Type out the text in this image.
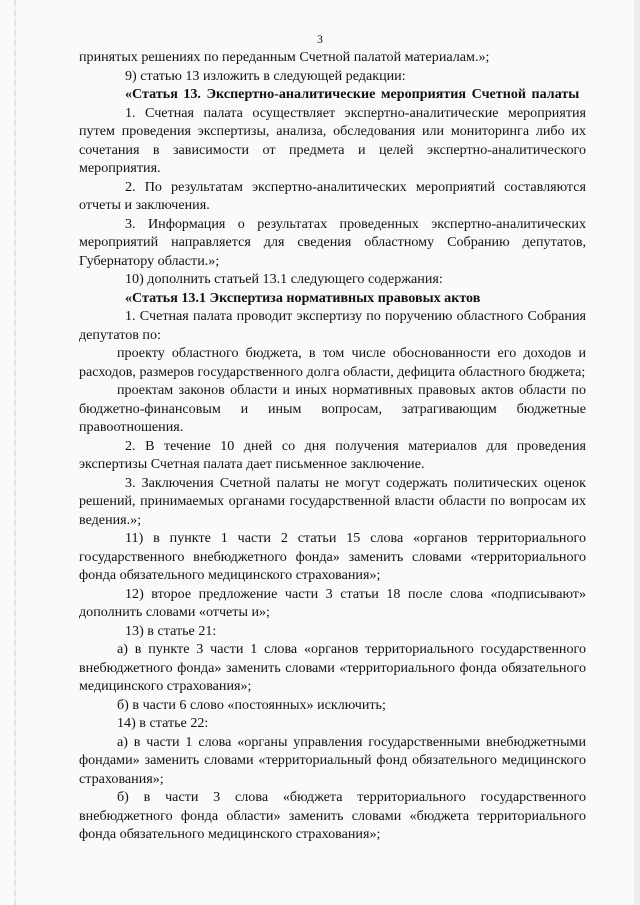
3

принятых решениях по переданным Счетной палатой материалам.»;

9) статью 13 изложить в следующей редакции:

«Статья 13. Экспертно-аналитические мероприятия Счетной палаты

1. Счетная палата осуществляет экспертно-аналитические мероприятия путем проведения экспертизы, анализа, обследования или мониторинга либо их сочетания в зависимости от предмета и целей экспертно-аналитического мероприятия.

2. По результатам экспертно-аналитических мероприятий составляются отчеты и заключения.

3. Информация о результатах проведенных экспертно-аналитических мероприятий направляется для сведения областному Собранию депутатов, Губернатору области.»;

10) дополнить статьей 13.1 следующего содержания:

«Статья 13.1 Экспертиза нормативных правовых актов

1. Счетная палата проводит экспертизу по поручению областного Собрания депутатов по:

проекту областного бюджета, в том числе обоснованности его доходов и расходов, размеров государственного долга области, дефицита областного бюджета;

проектам законов области и иных нормативных правовых актов области по бюджетно-финансовым и иным вопросам, затрагивающим бюджетные правоотношения.

2. В течение 10 дней со дня получения материалов для проведения экспертизы Счетная палата дает письменное заключение.

3. Заключения Счетной палаты не могут содержать политических оценок решений, принимаемых органами государственной власти области по вопросам их ведения.»;

11) в пункте 1 части 2 статьи 15 слова «органов территориального государственного внебюджетного фонда» заменить словами «территориального фонда обязательного медицинского страхования»;

12) второе предложение части 3 статьи 18 после слова «подписывают» дополнить словами «отчеты и»;

13) в статье 21:

а) в пункте 3 части 1 слова «органов территориального государственного внебюджетного фонда» заменить словами «территориального фонда обязательного медицинского страхования»;

б) в части 6 слово «постоянных» исключить;

14) в статье 22:

а) в части 1 слова «органы управления государственными внебюджетными фондами» заменить словами «территориальный фонд обязательного медицинского страхования»;

б) в части 3 слова «бюджета территориального государственного внебюджетного фонда области» заменить словами «бюджета территориального фонда обязательного медицинского страхования»;
